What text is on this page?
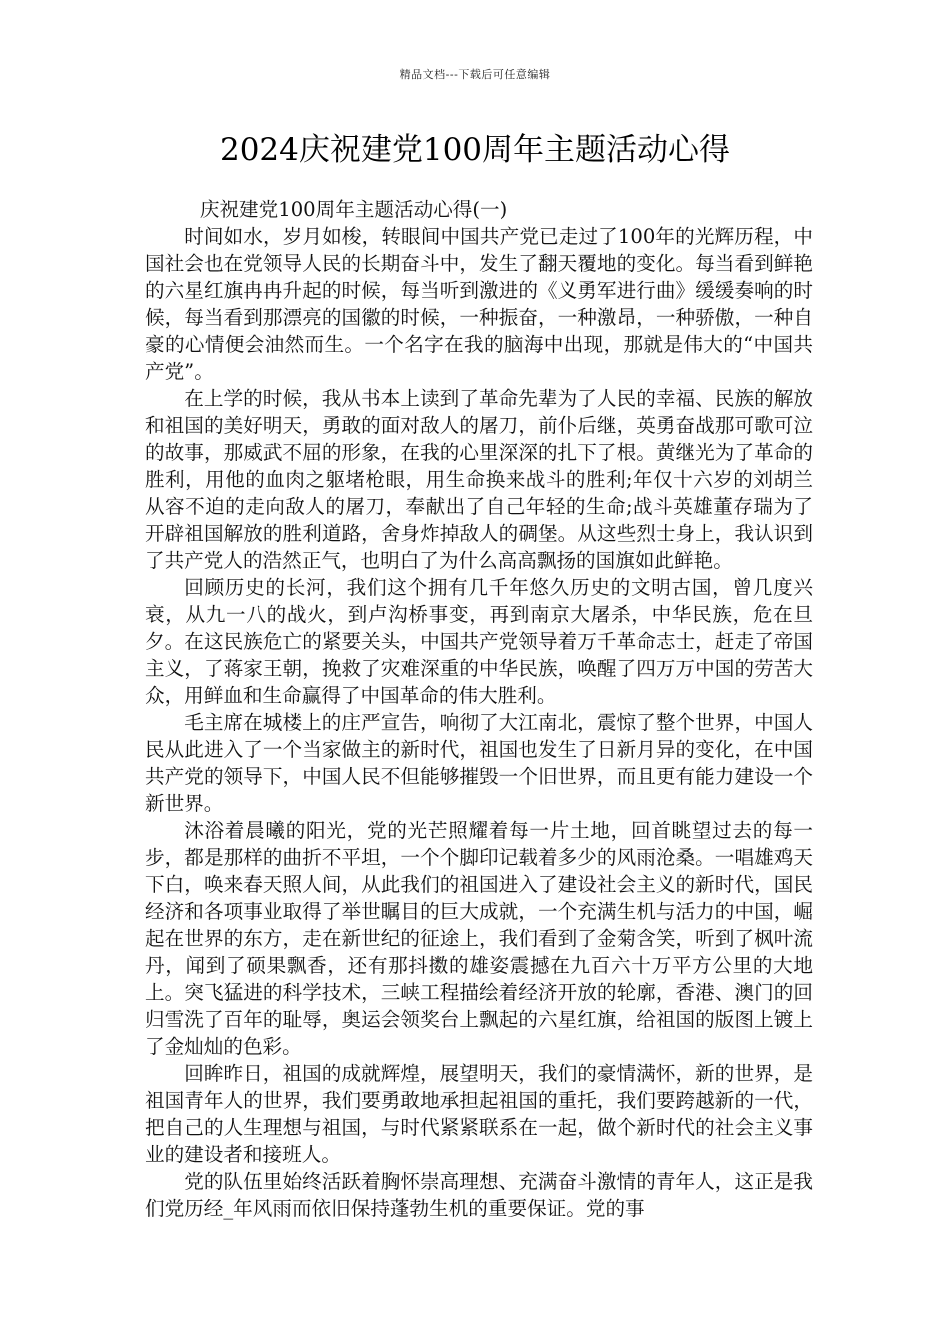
精品文档---下载后可任意编辑
2024庆祝建党100周年主题活动心得

庆祝建党100周年主题活动心得(一)

时间如水，岁月如梭，转眼间中国共产党已走过了100年的光辉历程，中国社会也在党领导人民的长期奋斗中，发生了翻天覆地的变化。每当看到鲜艳的六星红旗冉冉升起的时候，每当听到激进的《义勇军进行曲》缓缓奏响的时候，每当看到那漂亮的国徽的时候，一种振奋，一种激昂，一种骄傲，一种自豪的心情便会油然而生。一个名字在我的脑海中出现，那就是伟大的“中国共产党”。

在上学的时候，我从书本上读到了革命先辈为了人民的幸福、民族的解放和祖国的美好明天，勇敢的面对敌人的屠刀，前仆后继，英勇奋战那可歌可泣的故事，那威武不屈的形象，在我的心里深深的扎下了根。黄继光为了革命的胜利，用他的血肉之躯堵枪眼，用生命换来战斗的胜利;年仅十六岁的刘胡兰从容不迫的走向敌人的屠刀，奉献出了自己年轻的生命;战斗英雄董存瑞为了开辟祖国解放的胜利道路，舍身炸掉敌人的碉堡。从这些烈士身上，我认识到了共产党人的浩然正气，也明白了为什么高高飘扬的国旗如此鲜艳。

回顾历史的长河，我们这个拥有几千年悠久历史的文明古国，曾几度兴衰，从九一八的战火，到卢沟桥事变，再到南京大屠杀，中华民族，危在旦夕。在这民族危亡的紧要关头，中国共产党领导着万千革命志士，赶走了帝国主义，了蒋家王朝，挽救了灾难深重的中华民族，唤醒了四万万中国的劳苦大众，用鲜血和生命赢得了中国革命的伟大胜利。

毛主席在城楼上的庄严宣告，响彻了大江南北，震惊了整个世界，中国人民从此进入了一个当家做主的新时代，祖国也发生了日新月异的变化，在中国共产党的领导下，中国人民不但能够摧毁一个旧世界，而且更有能力建设一个新世界。

沐浴着晨曦的阳光，党的光芒照耀着每一片土地，回首眺望过去的每一步，都是那样的曲折不平坦，一个个脚印记载着多少的风雨沧桑。一唱雄鸡天下白，唤来春天照人间，从此我们的祖国进入了建设社会主义的新时代，国民经济和各项事业取得了举世瞩目的巨大成就，一个充满生机与活力的中国，崛起在世界的东方，走在新世纪的征途上，我们看到了金菊含笑，听到了枫叶流丹，闻到了硕果飘香，还有那抖擞的雄姿震撼在九百六十万平方公里的大地上。突飞猛进的科学技术，三峡工程描绘着经济开放的轮廓，香港、澳门的回归雪洗了百年的耻辱，奥运会领奖台上飘起的六星红旗，给祖国的版图上镀上了金灿灿的色彩。

回眸昨日，祖国的成就辉煌，展望明天，我们的豪情满怀，新的世界，是祖国青年人的世界，我们要勇敢地承担起祖国的重托，我们要跨越新的一代，把自己的人生理想与祖国，与时代紧紧联系在一起，做个新时代的社会主义事业的建设者和接班人。

党的队伍里始终活跃着胸怀崇高理想、充满奋斗激情的青年人，这正是我们党历经_年风雨而依旧保持蓬勃生机的重要保证。党的事
